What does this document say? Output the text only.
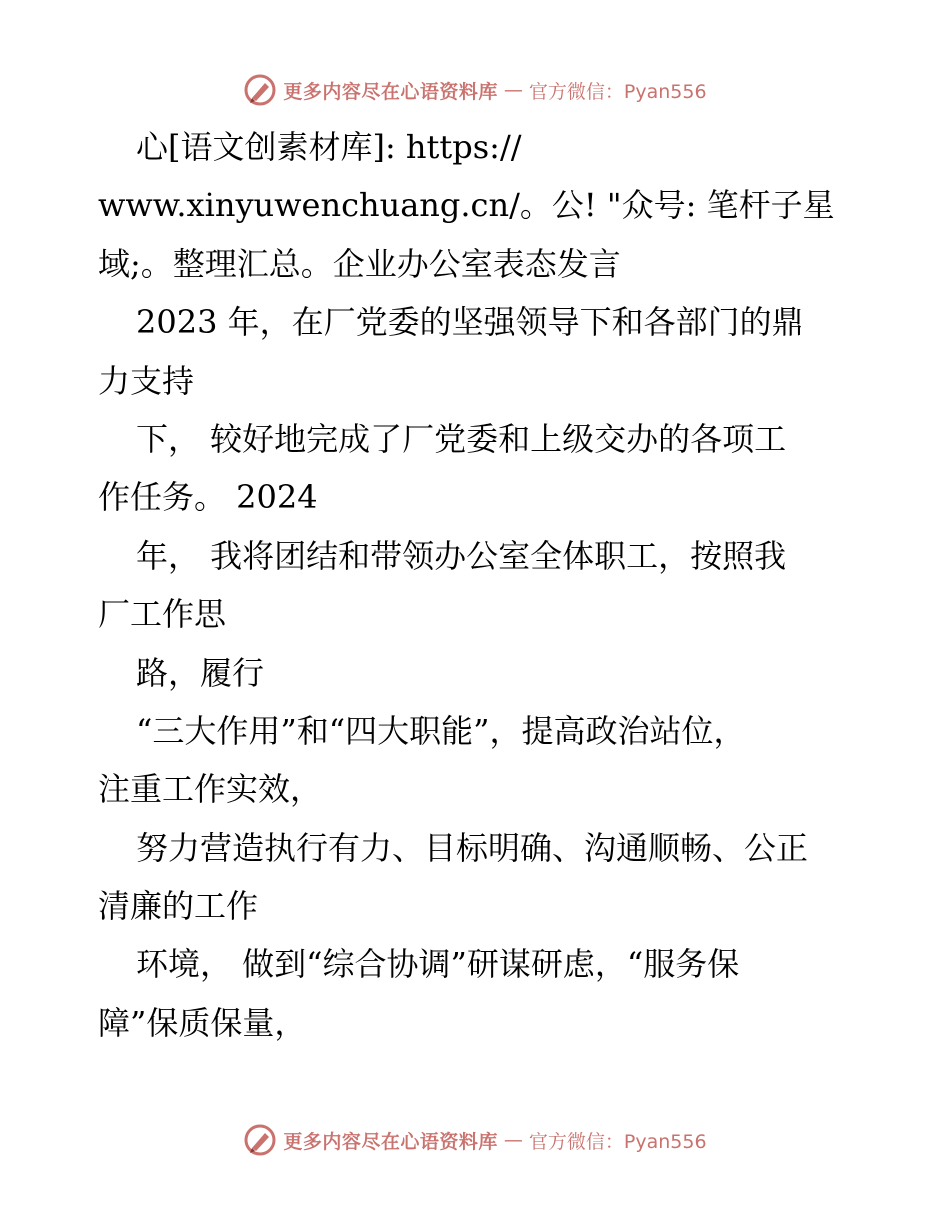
更多内容尽在心语资料库 — 官方微信：Pyan556
心[语文创素材库]: https://
www.xinyuwenchuang.cn/。公! "众号: 笔杆子星
域;。整理汇总。企业办公室表态发言
2023 年，在厂党委的坚强领导下和各部门的鼎
力支持
下， 较好地完成了厂党委和上级交办的各项工
作任务。 2024
年， 我将团结和带领办公室全体职工，按照我
厂工作思
路，履行
“三大作用”和“四大职能”，提高政治站位，
注重工作实效，
努力营造执行有力、目标明确、沟通顺畅、公正
清廉的工作
环境， 做到“综合协调”研谋研虑，“服务保
障”保质保量，
更多内容尽在心语资料库 — 官方微信：Pyan556
